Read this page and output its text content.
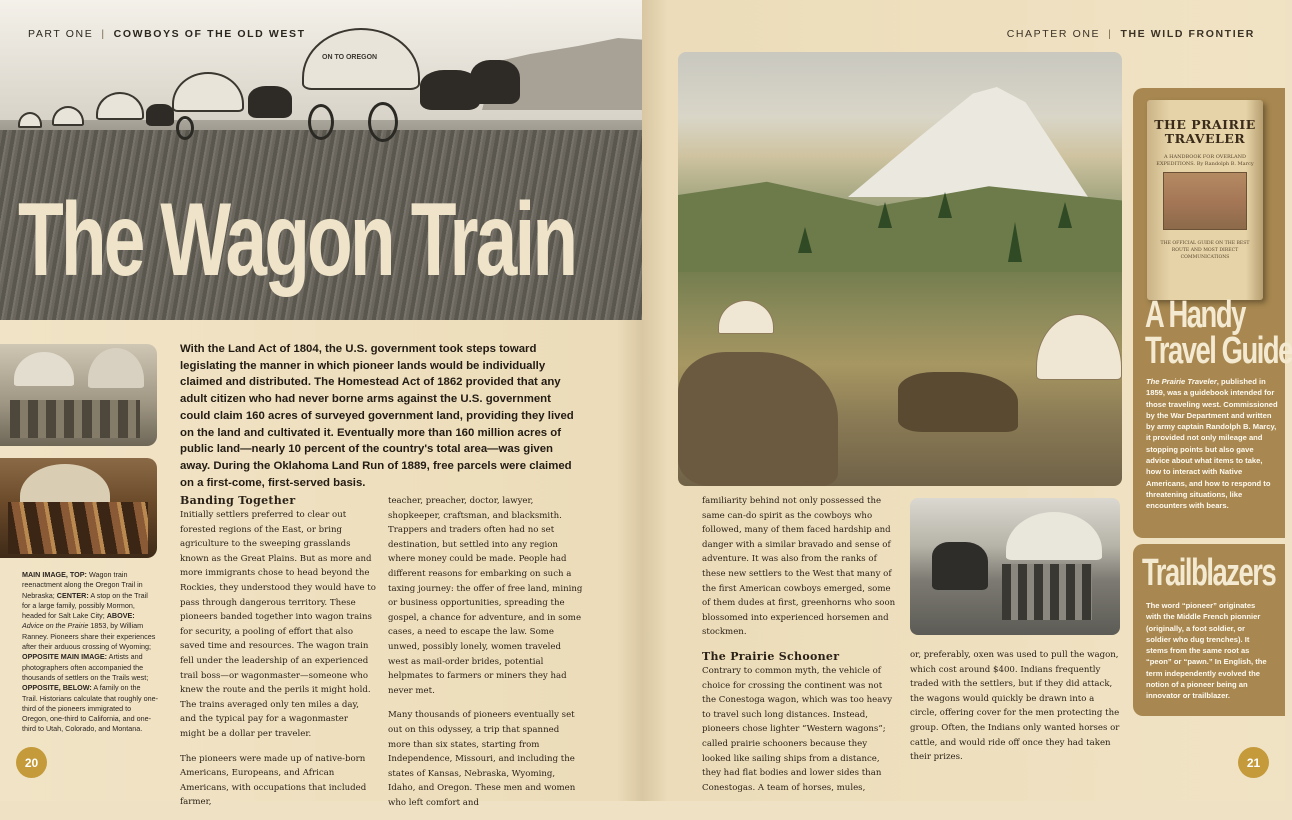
ON TO OREGON
PART ONE | COWBOYS OF THE OLD WEST
The Wagon Train
MAIN IMAGE, TOP: Wagon train reenactment along the Oregon Trail in Nebraska; CENTER: A stop on the Trail for a large family, possibly Mormon, headed for Salt Lake City; ABOVE: Advice on the Prairie 1853, by William Ranney. Pioneers share their experiences after their arduous crossing of Wyoming; OPPOSITE MAIN IMAGE: Artists and photographers often accompanied the thousands of settlers on the Trails west; OPPOSITE, BELOW: A family on the Trail. Historians calculate that roughly one-third of the pioneers immigrated to Oregon, one-third to California, and one-third to Utah, Colorado, and Montana.

With the Land Act of 1804, the U.S. government took steps toward legislating the manner in which pioneer lands would be individually claimed and distributed. The Homestead Act of 1862 provided that any adult citizen who had never borne arms against the U.S. government could claim 160 acres of surveyed government land, providing they lived on the land and cultivated it. Eventually more than 160 million acres of public land—nearly 10 percent of the country's total area—was given away. During the Oklahoma Land Run of 1889, free parcels were claimed on a first-come, first-served basis.

Banding Together

Initially settlers preferred to clear out forested regions of the East, or bring agriculture to the sweeping grasslands known as the Great Plains. But as more and more immigrants chose to head beyond the Rockies, they understood they would have to pass through dangerous territory. These pioneers banded together into wagon trains for security, a pooling of effort that also saved time and resources. The wagon train fell under the leadership of an experienced trail boss—or wagonmaster—someone who knew the route and the perils it might hold. The trains averaged only ten miles a day, and the typical pay for a wagonmaster might be a dollar per traveler.

The pioneers were made up of native-born Americans, Europeans, and African Americans, with occupations that included farmer,

teacher, preacher, doctor, lawyer, shopkeeper, craftsman, and blacksmith. Trappers and traders often had no set destination, but settled into any region where money could be made. People had different reasons for embarking on such a taxing journey: the offer of free land, mining or business opportunities, spreading the gospel, a chance for adventure, and in some cases, a need to escape the law. Some unwed, possibly lonely, women traveled west as mail-order brides, potential helpmates to farmers or miners they had never met.

Many thousands of pioneers eventually set out on this odyssey, a trip that spanned more than six states, starting from Independence, Missouri, and including the states of Kansas, Nebraska, Wyoming, Idaho, and Oregon. These men and women who left comfort and

20
CHAPTER ONE | THE WILD FRONTIER

familiarity behind not only possessed the same can-do spirit as the cowboys who followed, many of them faced hardship and danger with a similar bravado and sense of adventure. It was also from the ranks of these new settlers to the West that many of the first American cowboys emerged, some of them dudes at first, greenhorns who soon blossomed into experienced horsemen and stockmen.

The Prairie Schooner

Contrary to common myth, the vehicle of choice for crossing the continent was not the Conestoga wagon, which was too heavy to travel such long distances. Instead, pioneers chose lighter “Western wagons”; called prairie schooners because they looked like sailing ships from a distance, they had flat bodies and lower sides than Conestogas. A team of horses, mules,

or, preferably, oxen was used to pull the wagon, which cost around $400. Indians frequently traded with the settlers, but if they did attack, the wagons would quickly be drawn into a circle, offering cover for the men protecting the group. Often, the Indians only wanted horses or cattle, and would ride off once they had taken their prizes.

THE PRAIRIE TRAVELER
A HANDBOOK FOR OVERLAND EXPEDITIONS. By Randolph B. Marcy
THE OFFICIAL GUIDE ON THE BEST ROUTE AND MOST DIRECT COMMUNICATIONS
A Handy
Travel Guide

The Prairie Traveler, published in 1859, was a guidebook intended for those traveling west. Commissioned by the War Department and written by army captain Randolph B. Marcy, it provided not only mileage and stopping points but also gave advice about what items to take, how to interact with Native Americans, and how to respond to threatening situations, like encounters with bears.

Trailblazers

The word “pioneer” originates with the Middle French pionnier (originally, a foot soldier, or soldier who dug trenches). It stems from the same root as “peon” or “pawn.” In English, the term independently evolved the notion of a pioneer being an innovator or trailblazer.

21
